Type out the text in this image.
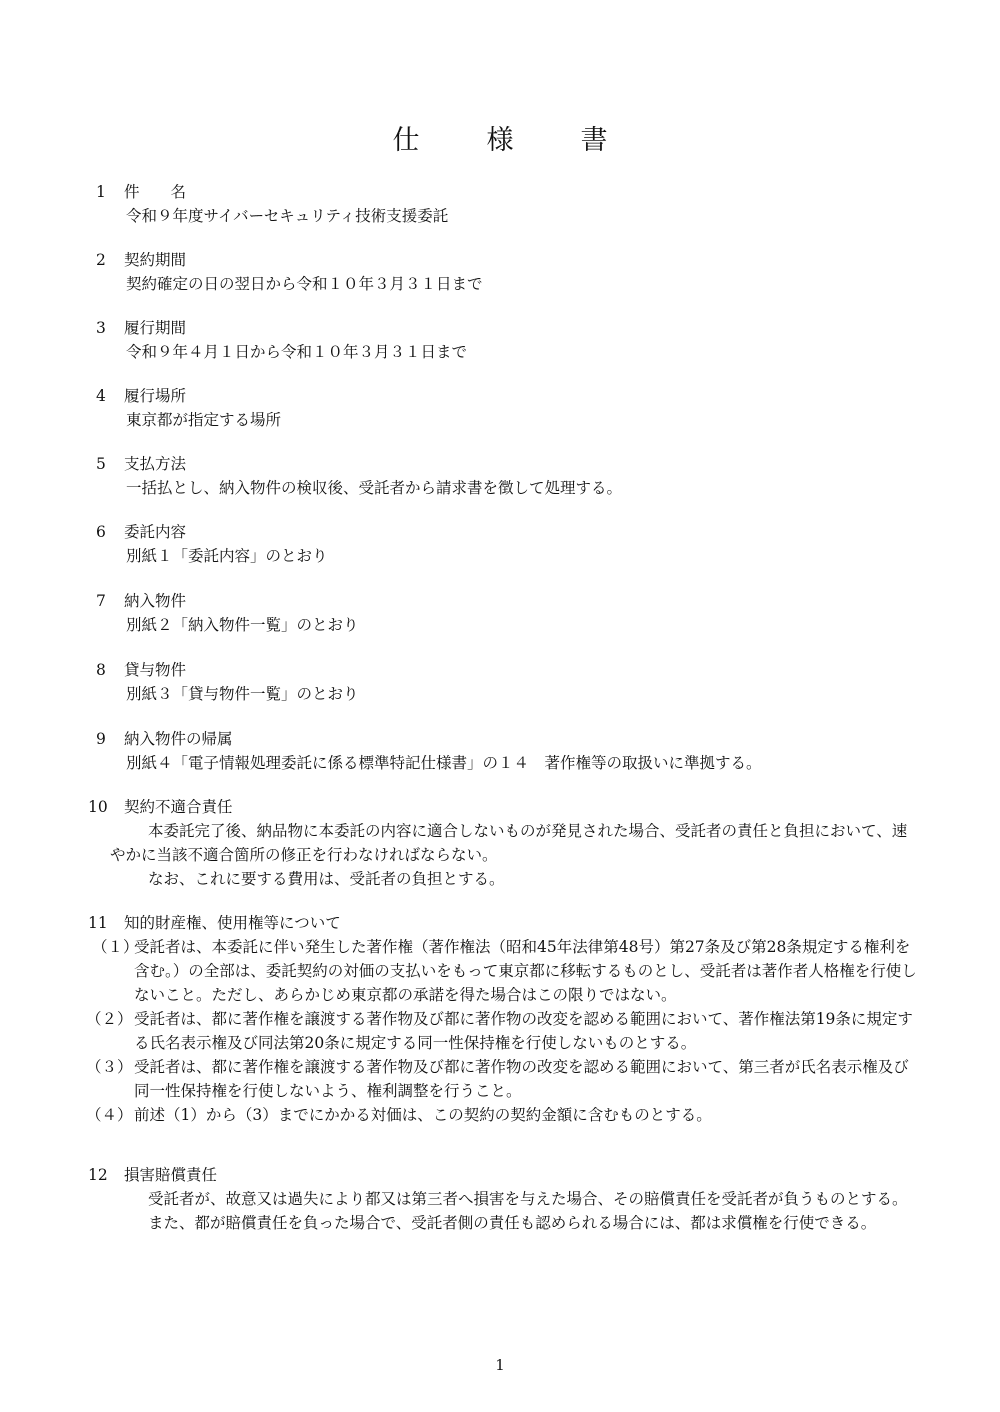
仕　様　書
1 件　　名
令和９年度サイバーセキュリティ技術支援委託
2 契約期間
契約確定の日の翌日から令和１０年３月３１日まで
3 履行期間
令和９年４月１日から令和１０年３月３１日まで
4 履行場所
東京都が指定する場所
5 支払方法
一括払とし、納入物件の検収後、受託者から請求書を徴して処理する。
6 委託内容
別紙１「委託内容」のとおり
7 納入物件
別紙２「納入物件一覧」のとおり
8 貸与物件
別紙３「貸与物件一覧」のとおり
9 納入物件の帰属
別紙４「電子情報処理委託に係る標準特記仕様書」の１４　著作権等の取扱いに準拠する。
10 契約不適合責任

本委託完了後、納品物に本委託の内容に適合しないものが発見された場合、受託者の責任と負担において、速やかに当該不適合箇所の修正を行わなければならない。

なお、これに要する費用は、受託者の負担とする。

11 知的財産権、使用権等について
（１）
受託者は、本委託に伴い発生した著作権（著作権法（昭和45年法律第48号）第27条及び第28条規定する権利を含む。）の全部は、委託契約の対価の支払いをもって東京都に移転するものとし、受託者は著作者人格権を行使しないこと。ただし、あらかじめ東京都の承諾を得た場合はこの限りではない。
（２） 受託者は、都に著作権を譲渡する著作物及び都に著作物の改変を認める範囲において、著作権法第19条に規定する氏名表示権及び同法第20条に規定する同一性保持権を行使しないものとする。
（３） 受託者は、都に著作権を譲渡する著作物及び都に著作物の改変を認める範囲において、第三者が氏名表示権及び同一性保持権を行使しないよう、権利調整を行うこと。
（４） 前述（1）から（3）までにかかる対価は、この契約の契約金額に含むものとする。
12 損害賠償責任

受託者が、故意又は過失により都又は第三者へ損害を与えた場合、その賠償責任を受託者が負うものとする。

また、都が賠償責任を負った場合で、受託者側の責任も認められる場合には、都は求償権を行使できる。

1
